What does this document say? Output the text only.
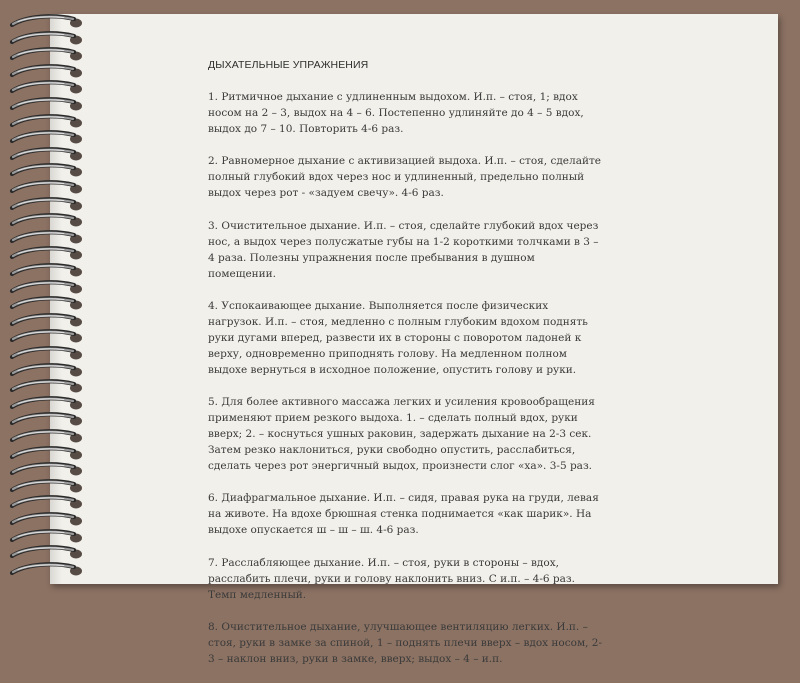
ДЫХАТЕЛЬНЫЕ УПРАЖНЕНИЯ

1. Ритмичное дыхание с удлиненным выдохом. И.п. – стоя, 1; вдох носом на 2 – 3, выдох на 4 – 6. Постепенно удлиняйте до 4 – 5 вдох, выдох до 7 – 10. Повторить 4-6 раз.

2. Равномерное дыхание с активизацией выдоха. И.п. – стоя, сделайте полный глубокий вдох через нос и удлиненный, предельно полный выдох через рот - «задуем свечу». 4-6 раз.

3. Очистительное дыхание. И.п. – стоя, сделайте глубокий вдох через нос, а выдох через полусжатые губы на 1-2 короткими толчками в 3 – 4 раза. Полезны упражнения после пребывания в душном помещении.

4. Успокаивающее дыхание. Выполняется после физических нагрузок. И.п. – стоя, медленно с полным глубоким вдохом поднять руки дугами вперед, развести их в стороны с поворотом ладоней к верху, одновременно приподнять голову. На медленном полном выдохе вернуться в исходное положение, опустить голову и руки.

5. Для более активного массажа легких и усиления кровообращения применяют прием резкого выдоха. 1. – сделать полный вдох, руки вверх; 2. – коснуться ушных раковин, задержать дыхание на 2-3 сек. Затем резко наклониться, руки свободно опустить, расслабиться, сделать через рот энергичный выдох, произнести слог «ха». 3-5 раз.

6. Диафрагмальное дыхание. И.п. – сидя, правая рука на груди, левая на животе. На вдохе брюшная стенка поднимается «как шарик». На выдохе опускается ш – ш – ш. 4-6 раз.

7. Расслабляющее дыхание. И.п. – стоя, руки в стороны – вдох, расслабить плечи, руки и голову наклонить вниз. С и.п. – 4-6 раз. Темп медленный.

8. Очистительное дыхание, улучшающее вентиляцию легких. И.п. – стоя, руки в замке за спиной, 1 – поднять плечи вверх – вдох носом, 2-3 – наклон вниз, руки в замке, вверх; выдох – 4 – и.п.
